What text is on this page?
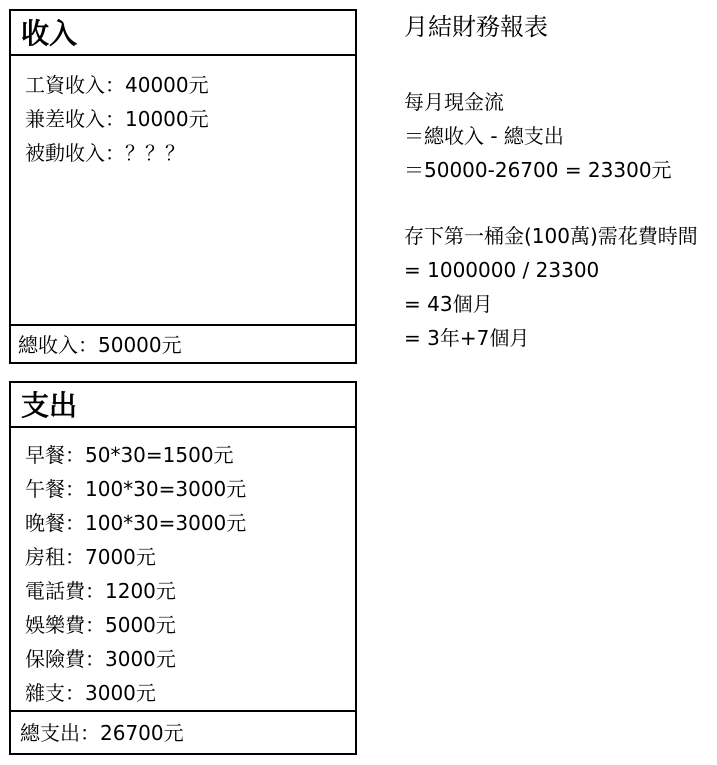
收入
工資收入：40000元
兼差收入：10000元
被動收入：？？？
總收入：50000元
支出
早餐：50*30=1500元
午餐：100*30=3000元
晚餐：100*30=3000元
房租：7000元
電話費：1200元
娛樂費：5000元
保險費：3000元
雜支：3000元
總支出：26700元
月結財務報表
每月現金流
＝總收入 - 總支出
＝50000-26700 = 23300元
存下第一桶金(100萬)需花費時間
= 1000000 / 23300
= 43個月
= 3年+7個月
